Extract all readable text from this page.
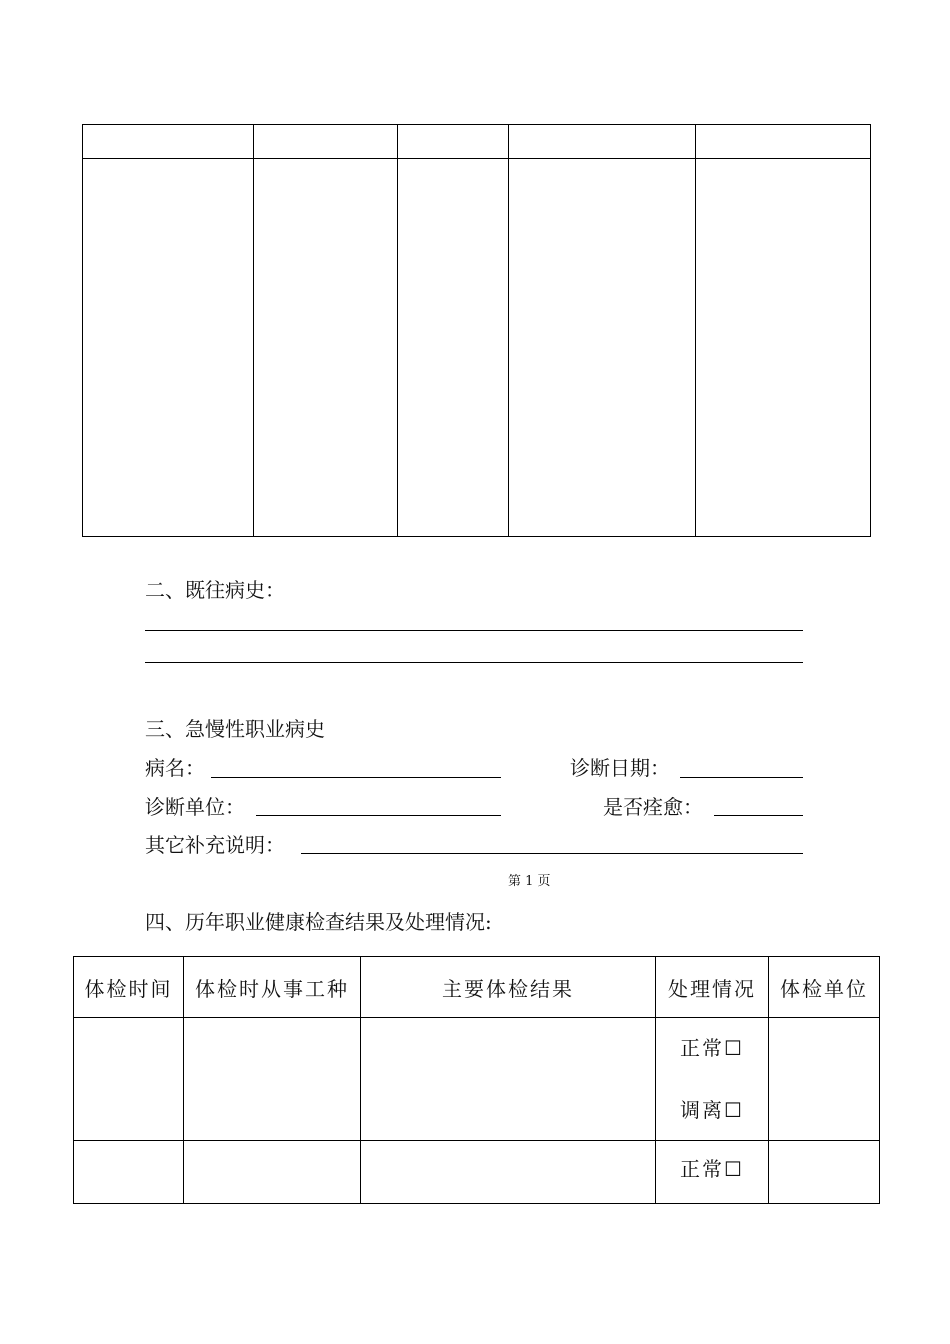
二、既往病史：
三、急慢性职业病史
病名：	诊断日期：
诊断单位：	是否痊愈：
其它补充说明：
第 1 页
四、历年职业健康检查结果及处理情况:
体检时间	体检时从事工种	主要体检结果	处理情况	体检单位

			正常☐
调离☐	

			正常☐	
